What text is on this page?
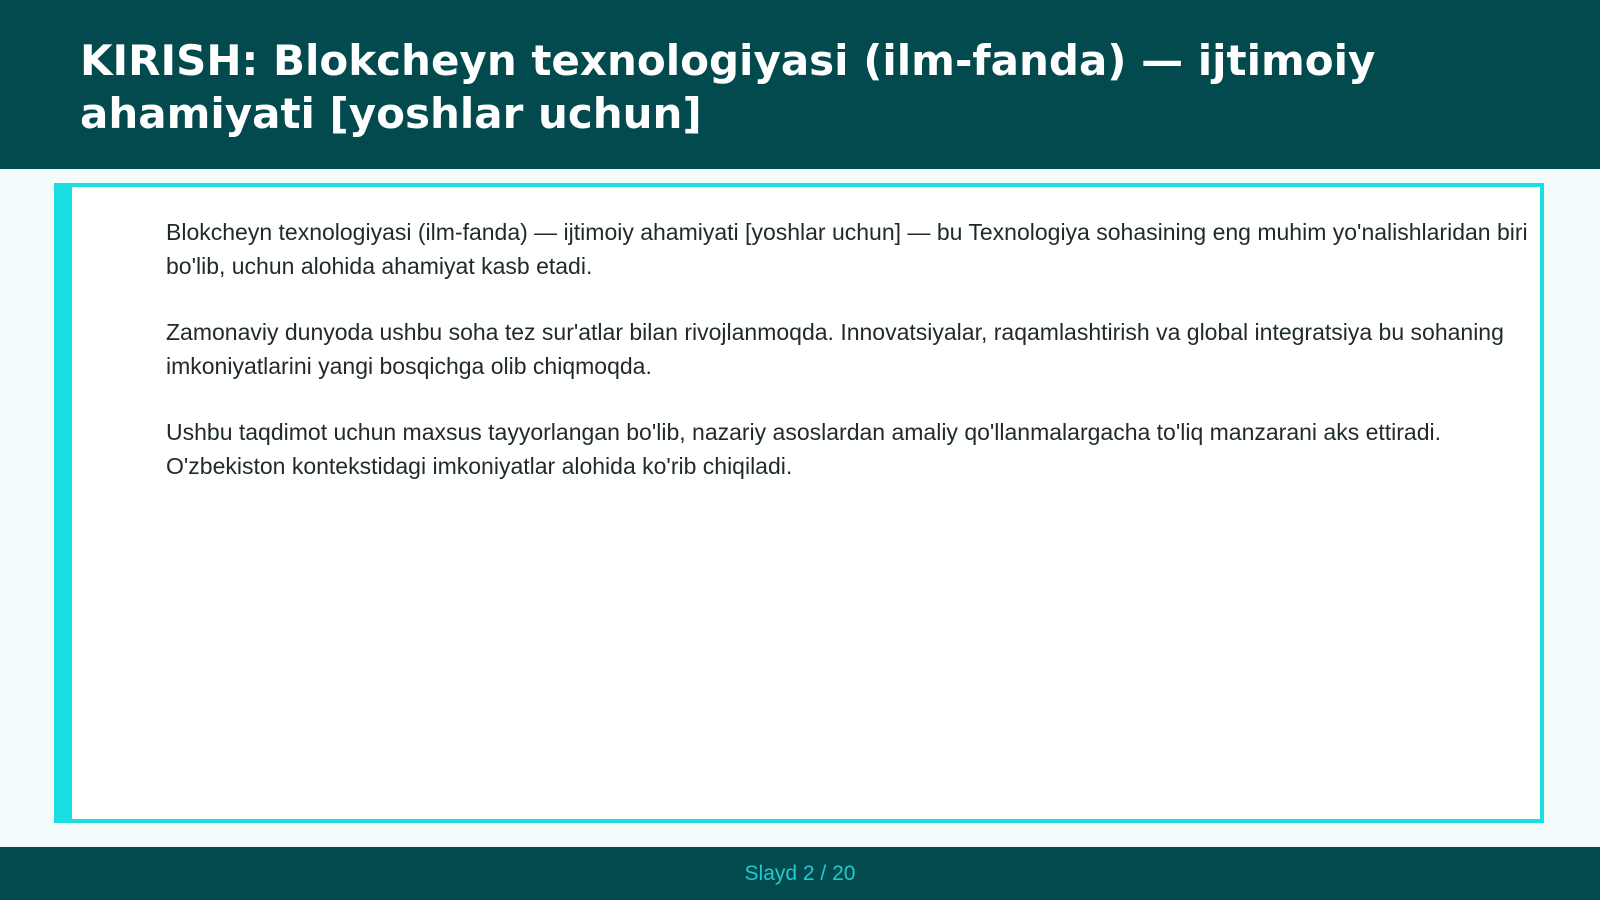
KIRISH: Blokcheyn texnologiyasi (ilm-fanda) — ijtimoiy ahamiyati [yoshlar uchun]

Blokcheyn texnologiyasi (ilm-fanda) — ijtimoiy ahamiyati [yoshlar uchun] — bu Texnologiya sohasining eng muhim yo'nalishlaridan biri bo'lib, uchun alohida ahamiyat kasb etadi.

Zamonaviy dunyoda ushbu soha tez sur'atlar bilan rivojlanmoqda. Innovatsiyalar, raqamlashtirish va global integratsiya bu sohaning imkoniyatlarini yangi bosqichga olib chiqmoqda.

Ushbu taqdimot uchun maxsus tayyorlangan bo'lib, nazariy asoslardan amaliy qo'llanmalargacha to'liq manzarani aks ettiradi. O'zbekiston kontekstidagi imkoniyatlar alohida ko'rib chiqiladi.

Slayd 2 / 20
